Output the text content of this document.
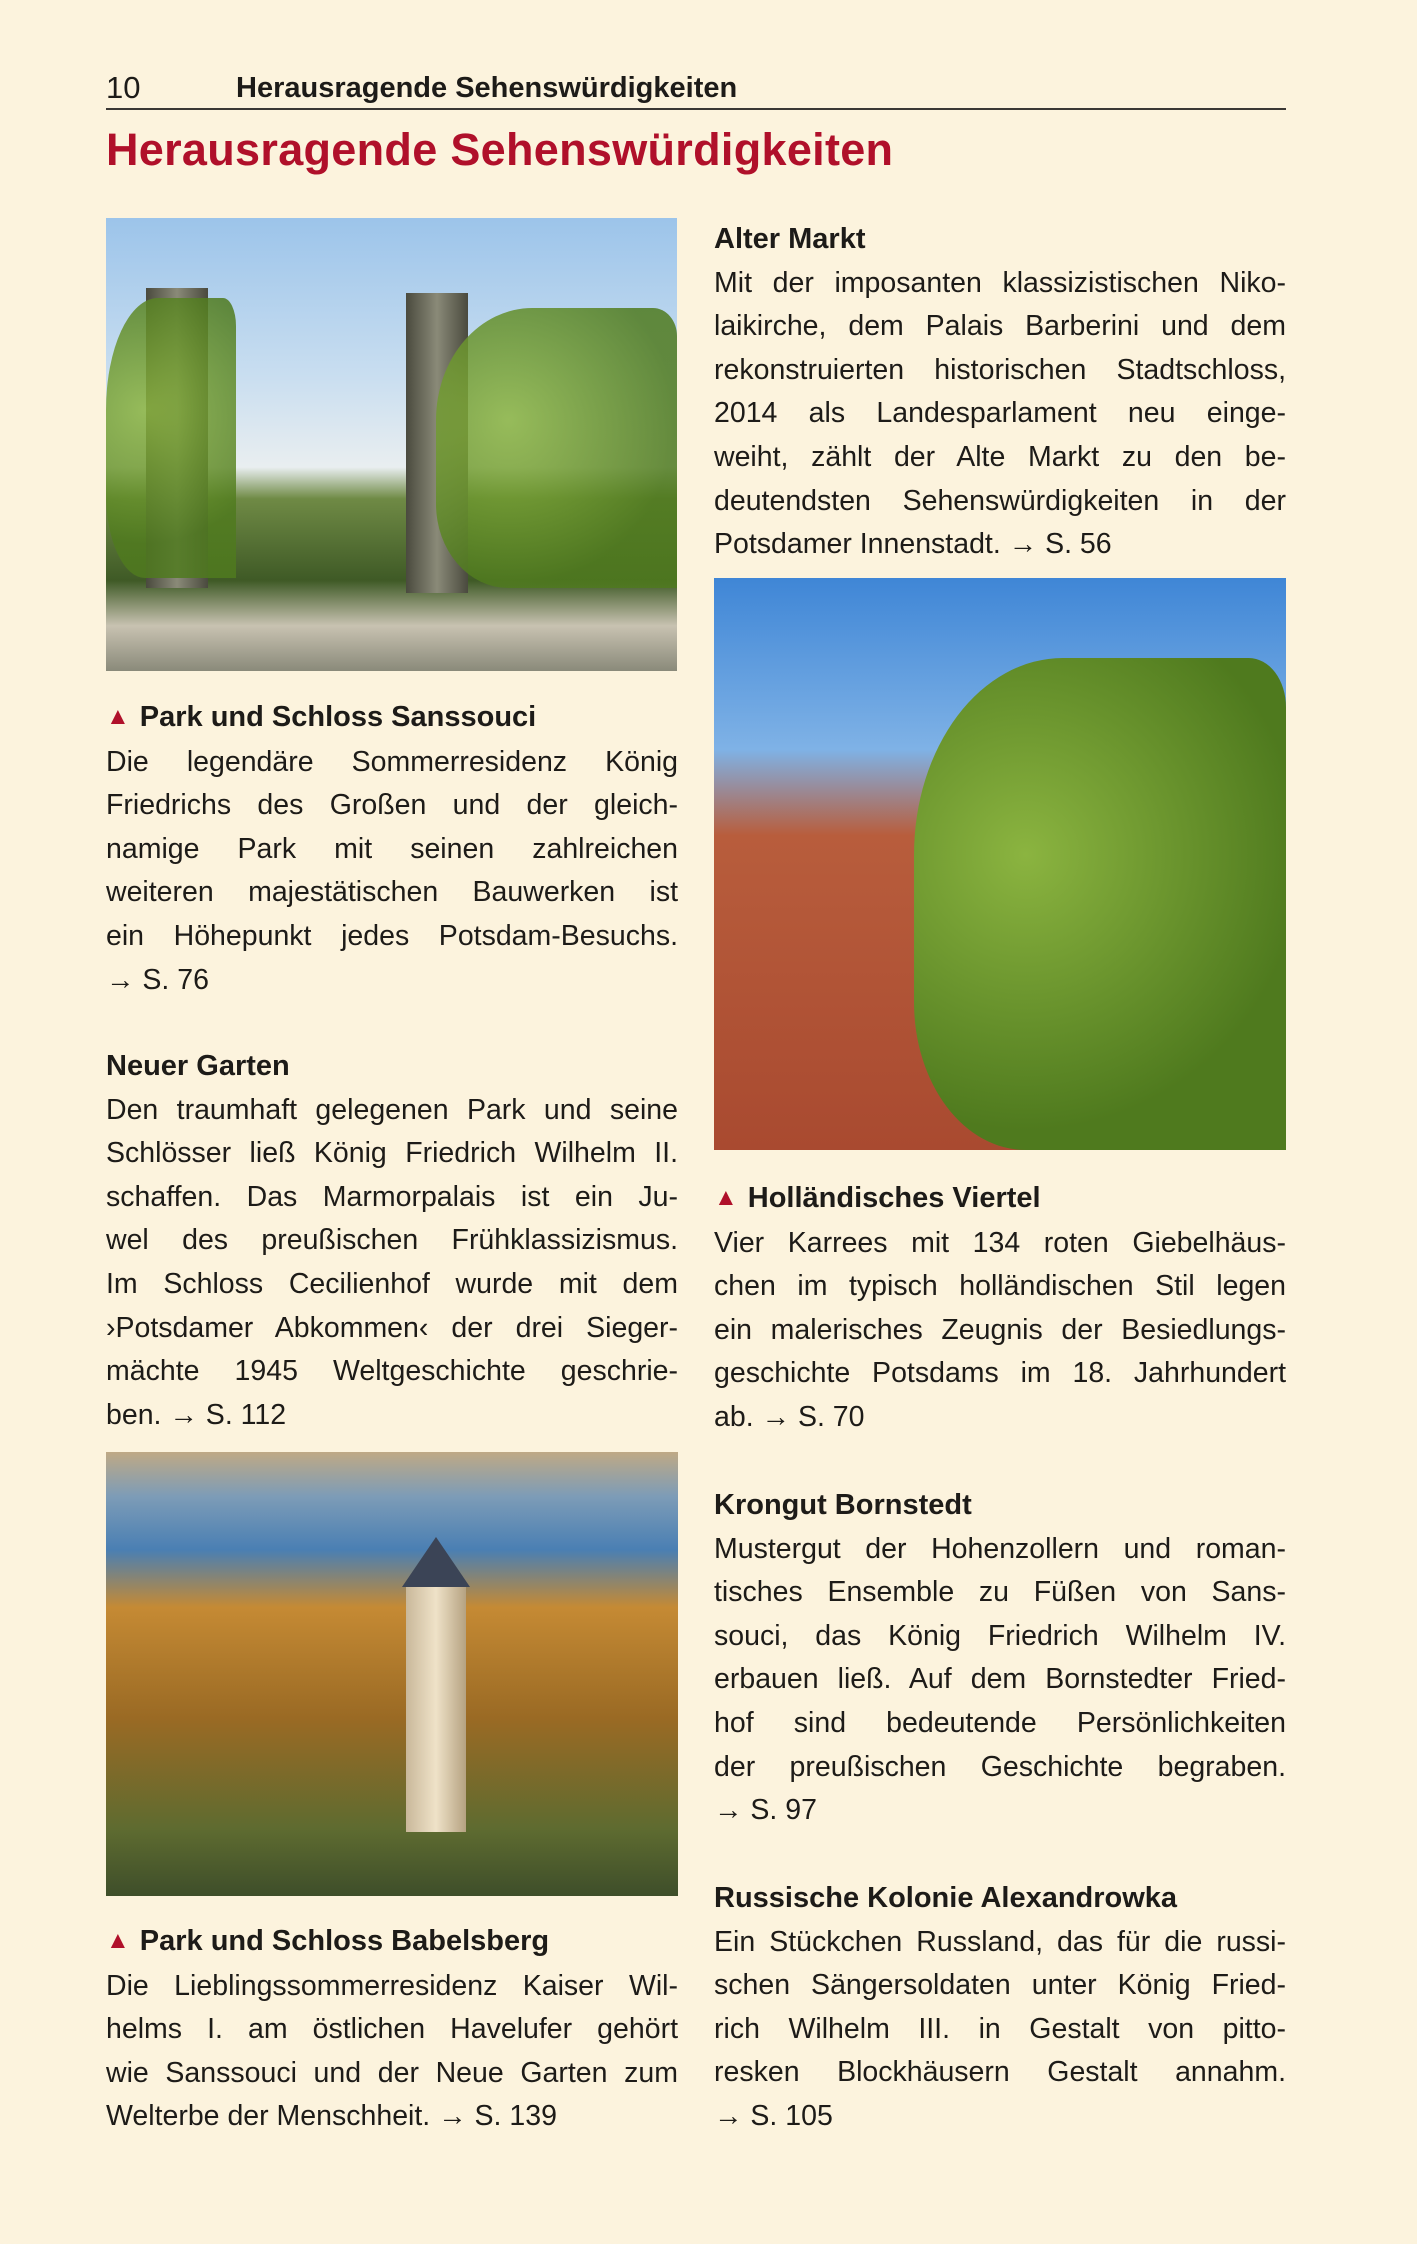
10	Herausragende Sehenswürdigkeiten
Herausragende Sehenswürdigkeiten
Alter Markt
Mit der imposanten klassizistischen Niko-
laikirche, dem Palais Barberini und dem
rekonstruierten historischen Stadtschloss,
2014 als Landesparlament neu einge-
weiht, zählt der Alte Markt zu den be-
deutendsten Sehenswürdigkeiten in der
Potsdamer Innenstadt. → S. 56
▲ Park und Schloss Sanssouci
Die legendäre Sommerresidenz König
Friedrichs des Großen und der gleich-
namige Park mit seinen zahlreichen
weiteren majestätischen Bauwerken ist
ein Höhepunkt jedes Potsdam-Besuchs.
→ S. 76
Neuer Garten
Den traumhaft gelegenen Park und seine
Schlösser ließ König Friedrich Wilhelm II.
schaffen. Das Marmorpalais ist ein Ju-
wel des preußischen Frühklassizismus.
Im Schloss Cecilienhof wurde mit dem
›Potsdamer Abkommen‹ der drei Sieger-
mächte 1945 Weltgeschichte geschrie-
ben. → S. 112
▲ Holländisches Viertel
Vier Karrees mit 134 roten Giebelhäus-
chen im typisch holländischen Stil legen
ein malerisches Zeugnis der Besiedlungs-
geschichte Potsdams im 18. Jahrhundert
ab. → S. 70
Krongut Bornstedt
Mustergut der Hohenzollern und roman-
tisches Ensemble zu Füßen von Sans-
souci, das König Friedrich Wilhelm IV.
erbauen ließ. Auf dem Bornstedter Fried-
hof sind bedeutende Persönlichkeiten
der preußischen Geschichte begraben.
→ S. 97
Russische Kolonie Alexandrowka
Ein Stückchen Russland, das für die russi-
schen Sängersoldaten unter König Fried-
rich Wilhelm III. in Gestalt von pitto-
resken Blockhäusern Gestalt annahm.
→ S. 105
▲ Park und Schloss Babelsberg
Die Lieblingssommerresidenz Kaiser Wil-
helms I. am östlichen Havelufer gehört
wie Sanssouci und der Neue Garten zum
Welterbe der Menschheit. → S. 139
